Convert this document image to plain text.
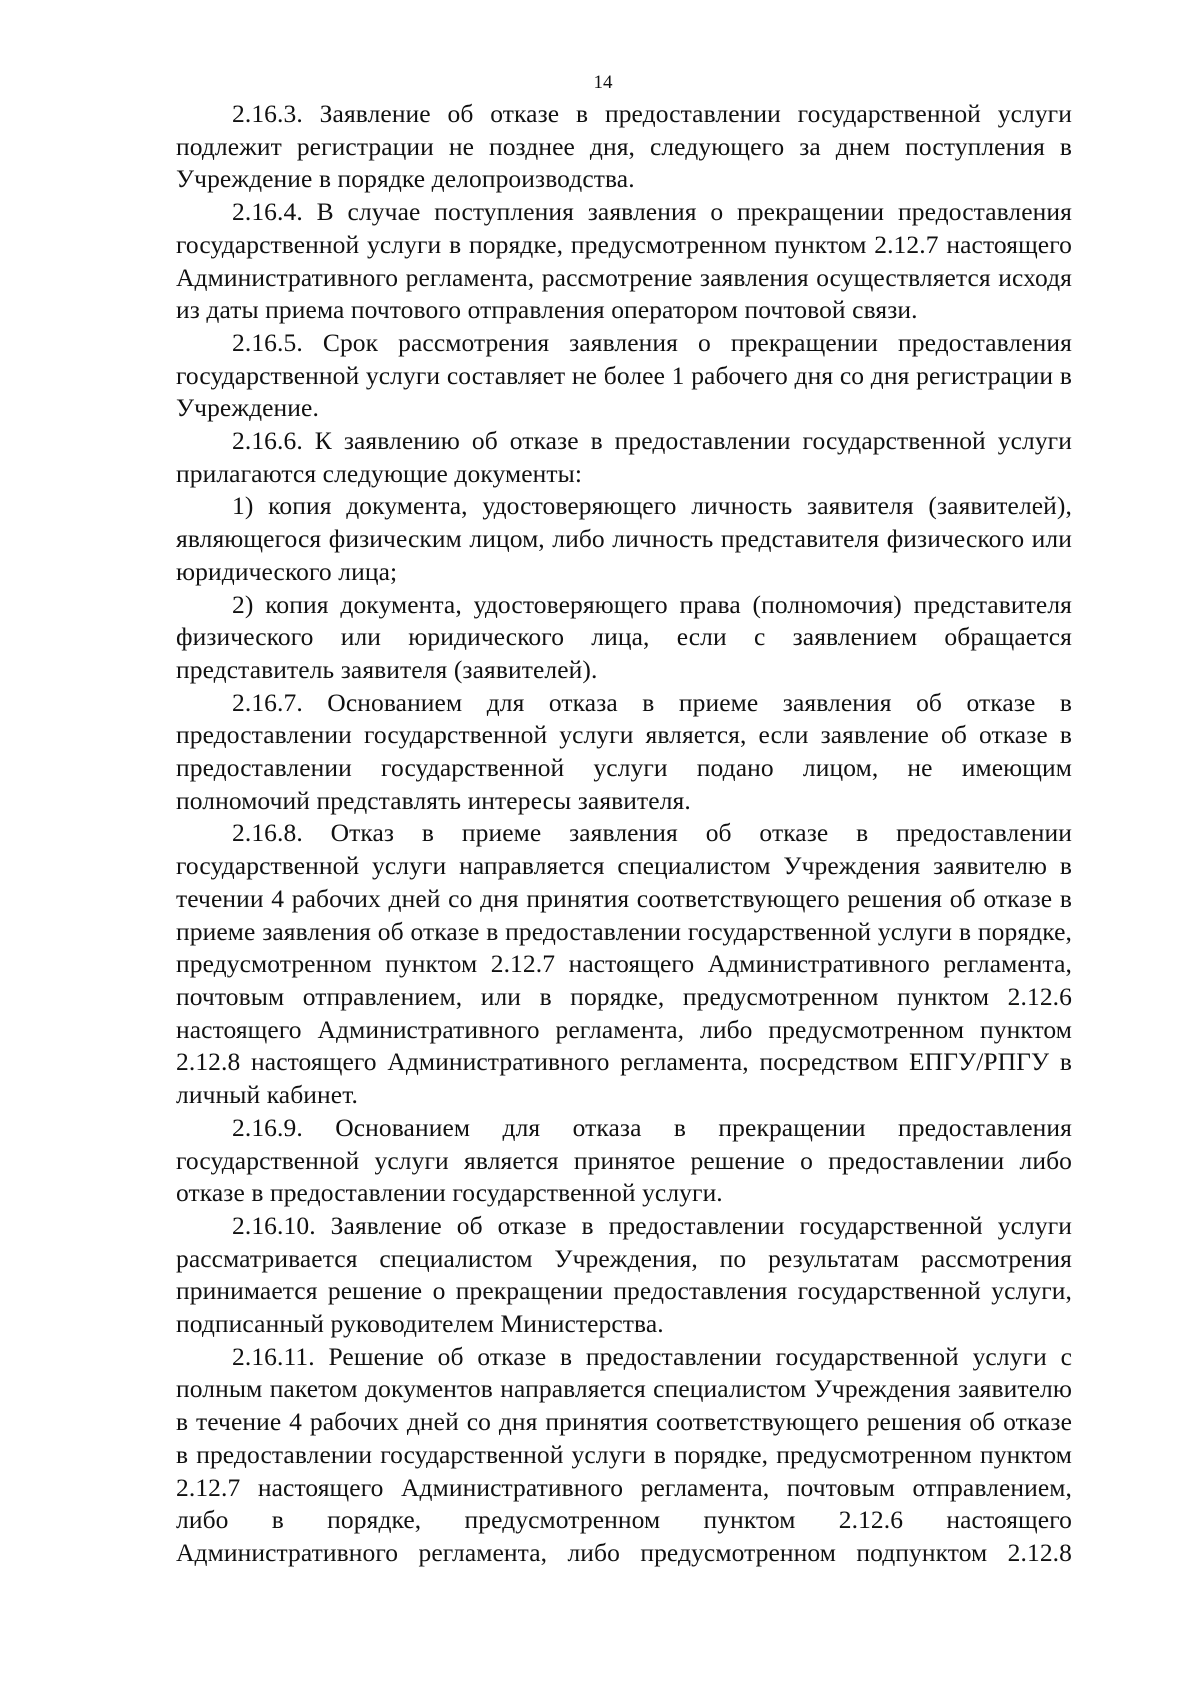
14

2.16.3. Заявление об отказе в предоставлении государственной услуги подлежит регистрации не позднее дня, следующего за днем поступления в Учреждение в порядке делопроизводства.

2.16.4. В случае поступления заявления о прекращении предоставления государственной услуги в порядке, предусмотренном пунктом 2.12.7 настоящего Административного регламента, рассмотрение заявления осуществляется исходя из даты приема почтового отправления оператором почтовой связи.

2.16.5. Срок рассмотрения заявления о прекращении предоставления государственной услуги составляет не более 1 рабочего дня со дня регистрации в Учреждение.

2.16.6. К заявлению об отказе в предоставлении государственной услуги прилагаются следующие документы:

1) копия документа, удостоверяющего личность заявителя (заявителей), являющегося физическим лицом, либо личность представителя физического или юридического лица;

2) копия документа, удостоверяющего права (полномочия) представителя физического или юридического лица, если с заявлением обращается представитель заявителя (заявителей).

2.16.7. Основанием для отказа в приеме заявления об отказе в предоставлении государственной услуги является, если заявление об отказе в предоставлении государственной услуги подано лицом, не имеющим полномочий представлять интересы заявителя.

2.16.8. Отказ в приеме заявления об отказе в предоставлении государственной услуги направляется специалистом Учреждения заявителю в течении 4 рабочих дней со дня принятия соответствующего решения об отказе в приеме заявления об отказе в предоставлении государственной услуги в порядке, предусмотренном пунктом 2.12.7 настоящего Административного регламента, почтовым отправлением, или в порядке, предусмотренном пунктом 2.12.6 настоящего Административного регламента, либо предусмотренном пунктом 2.12.8 настоящего Административного регламента, посредством ЕПГУ/РПГУ в личный кабинет.

2.16.9. Основанием для отказа в прекращении предоставления государственной услуги является принятое решение о предоставлении либо отказе в предоставлении государственной услуги.

2.16.10. Заявление об отказе в предоставлении государственной услуги рассматривается специалистом Учреждения, по результатам рассмотрения принимается решение о прекращении предоставления государственной услуги, подписанный руководителем Министерства.

2.16.11. Решение об отказе в предоставлении государственной услуги с полным пакетом документов направляется специалистом Учреждения заявителю в течение 4 рабочих дней со дня принятия соответствующего решения об отказе в предоставлении государственной услуги в порядке, предусмотренном пунктом 2.12.7 настоящего Административного регламента, почтовым отправлением, либо в порядке, предусмотренном пунктом 2.12.6 настоящего Административного регламента, либо предусмотренном подпунктом 2.12.8
